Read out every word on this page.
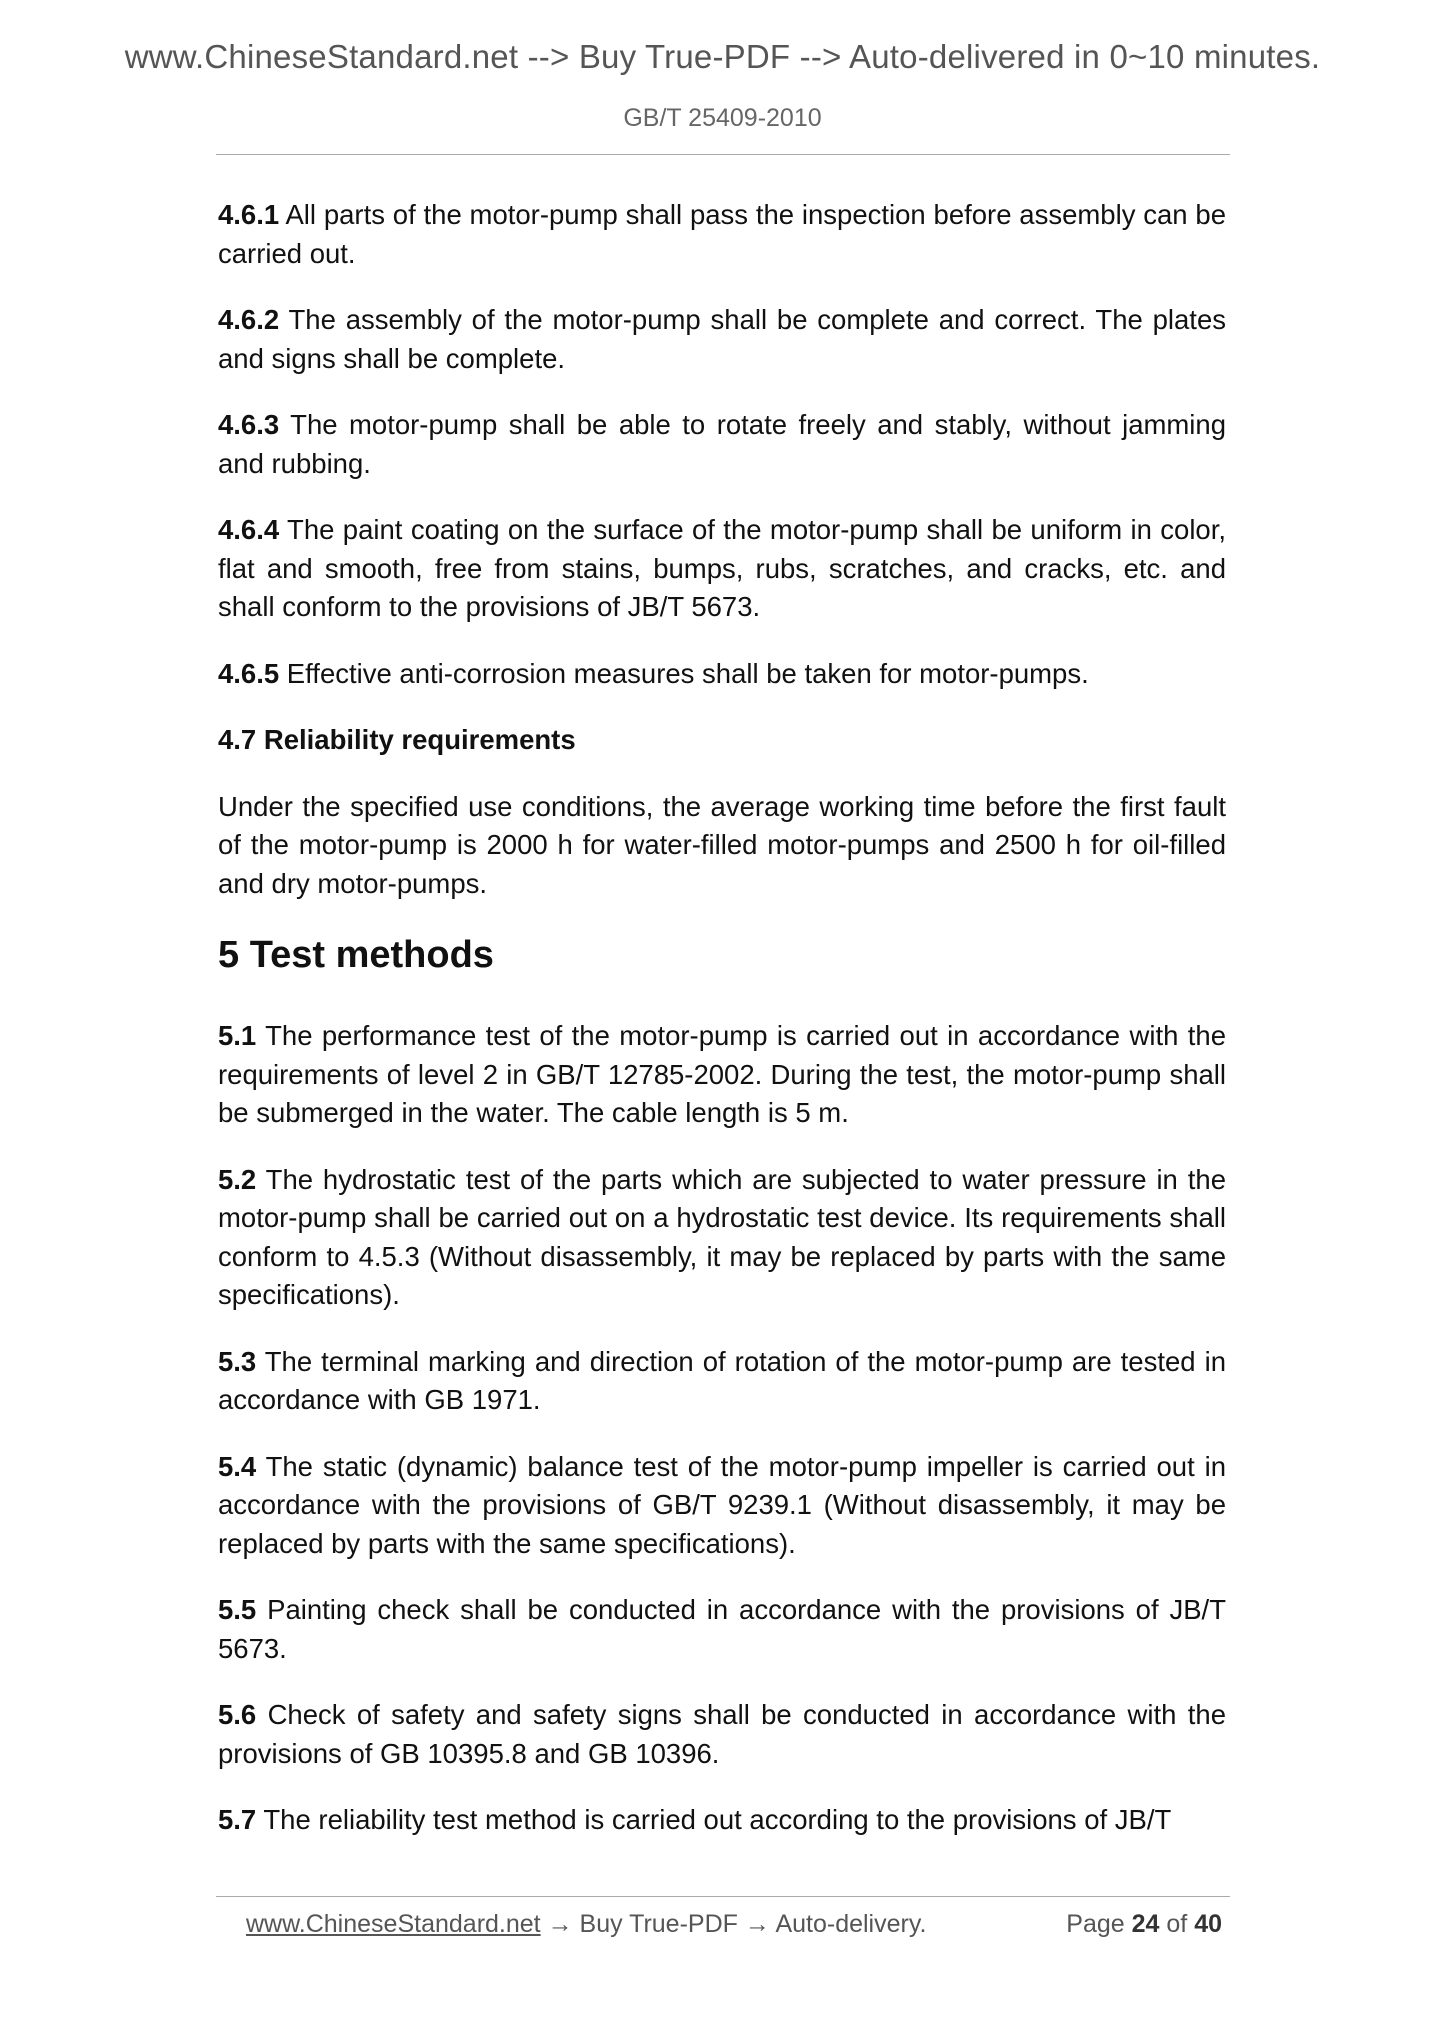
www.ChineseStandard.net --> Buy True-PDF --> Auto-delivered in 0~10 minutes.
GB/T 25409-2010

4.6.1 All parts of the motor-pump shall pass the inspection before assembly can be carried out.

4.6.2 The assembly of the motor-pump shall be complete and correct. The plates and signs shall be complete.

4.6.3 The motor-pump shall be able to rotate freely and stably, without jamming and rubbing.

4.6.4 The paint coating on the surface of the motor-pump shall be uniform in color, flat and smooth, free from stains, bumps, rubs, scratches, and cracks, etc. and shall conform to the provisions of JB/T 5673.

4.6.5 Effective anti-corrosion measures shall be taken for motor-pumps.

4.7 Reliability requirements

Under the specified use conditions, the average working time before the first fault of the motor-pump is 2000 h for water-filled motor-pumps and 2500 h for oil-filled and dry motor-pumps.

5 Test methods

5.1 The performance test of the motor-pump is carried out in accordance with the requirements of level 2 in GB/T 12785-2002. During the test, the motor-pump shall be submerged in the water. The cable length is 5 m.

5.2 The hydrostatic test of the parts which are subjected to water pressure in the motor-pump shall be carried out on a hydrostatic test device. Its requirements shall conform to 4.5.3 (Without disassembly, it may be replaced by parts with the same specifications).

5.3 The terminal marking and direction of rotation of the motor-pump are tested in accordance with GB 1971.

5.4 The static (dynamic) balance test of the motor-pump impeller is carried out in accordance with the provisions of GB/T 9239.1 (Without disassembly, it may be replaced by parts with the same specifications).

5.5 Painting check shall be conducted in accordance with the provisions of JB/T 5673.

5.6 Check of safety and safety signs shall be conducted in accordance with the provisions of GB 10395.8 and GB 10396.

5.7 The reliability test method is carried out according to the provisions of JB/T

www.ChineseStandard.net → Buy True-PDF → Auto-delivery.	Page 24 of 40
